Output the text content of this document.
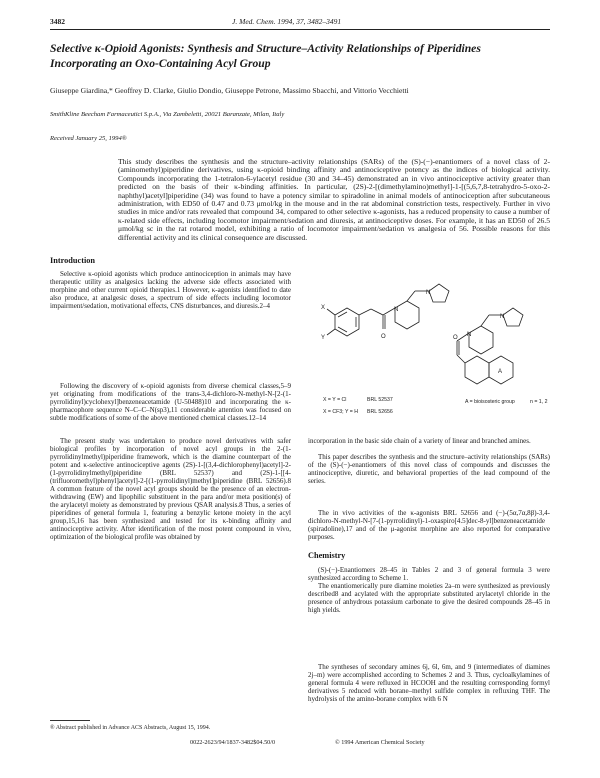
3482	J. Med. Chem. 1994, 37, 3482–3491
Selective κ-Opioid Agonists: Synthesis and Structure–Activity Relationships of Piperidines Incorporating an Oxo-Containing Acyl Group
Giuseppe Giardina,* Geoffrey D. Clarke, Giulio Dondio, Giuseppe Petrone, Massimo Sbacchi, and Vittorio Vecchietti
SmithKline Beecham Farmaceutici S.p.A., Via Zambeletti, 20021 Baranzate, Milan, Italy
Received January 25, 1994®

This study describes the synthesis and the structure–activity relationships (SARs) of the (S)-(−)-enantiomers of a novel class of 2-(aminomethyl)piperidine derivatives, using κ-opioid binding affinity and antinociceptive potency as the indices of biological activity. Compounds incorporating the 1-tetralon-6-ylacetyl residue (30 and 34–45) demonstrated an in vivo antinociceptive activity greater than predicted on the basis of their κ-binding affinities. In particular, (2S)-2-[(dimethylamino)methyl]-1-[(5,6,7,8-tetrahydro-5-oxo-2-naphthyl)acetyl]piperidine (34) was found to have a potency similar to spiradoline in animal models of antinociception after subcutaneous administration, with ED50 of 0.47 and 0.73 μmol/kg in the mouse and in the rat abdominal constriction tests, respectively. Further in vivo studies in mice and/or rats revealed that compound 34, compared to other selective κ-agonists, has a reduced propensity to cause a number of κ-related side effects, including locomotor impairment/sedation and diuresis, at antinociceptive doses. For example, it has an ED50 of 26.5 μmol/kg sc in the rat rotarod model, exhibiting a ratio of locomotor impairment/sedation vs analgesia of 56. Possible reasons for this differential activity and its clinical consequence are discussed.

Introduction

Selective κ-opioid agonists which produce antinociception in animals may have therapeutic utility as analgesics lacking the adverse side effects associated with morphine and other current opioid therapies.1 However, κ-agonists identified to date also produce, at analgesic doses, a spectrum of side effects including locomotor impairment/sedation, motivational effects, CNS disturbances, and diuresis.2–4

Following the discovery of κ-opioid agonists from diverse chemical classes,5–9 yet originating from modifications of the trans-3,4-dichloro-N-methyl-N-[2-(1-pyrrolidinyl)cyclohexyl]benzeneacetamide (U-50488)10 and incorporating the κ-pharmacophore sequence N–C–C–N(sp3),11 considerable attention was focused on subtle modifications of some of the above mentioned chemical classes.12–14

The present study was undertaken to produce novel derivatives with safer biological profiles by incorporation of novel acyl groups in the 2-(1-pyrrolidinylmethyl)piperidine framework, which is the diamine counterpart of the potent and κ-selective antinociceptive agents (2S)-1-[(3,4-dichlorophenyl)acetyl]-2-(1-pyrrolidinylmethyl)piperidine (BRL 52537) and (2S)-1-[[4-(trifluoromethyl)phenyl]acetyl]-2-[(1-pyrrolidinyl)methyl]piperidine (BRL 52656).8 A common feature of the novel acyl groups should be the presence of an electron-withdrawing (EW) and lipophilic substituent in the para and/or meta position(s) of the arylacetyl moiety as demonstrated by previous QSAR analysis.8 Thus, a series of piperidines of general formula 1, featuring a benzylic ketone moiety in the acyl group,15,16 has been synthesized and tested for its κ-binding affinity and antinociceptive activity. After identification of the most potent compound in vivo, optimization of the biological profile was obtained by

X
Y
N
N
O
A
N
N
O
X = Y = Cl	BRL 52537
X = CF3; Y = H BRL 52656
A = bioisosteric group	n = 1, 2

incorporation in the basic side chain of a variety of linear and branched amines.

This paper describes the synthesis and the structure–activity relationships (SARs) of the (S)-(−)-enantiomers of this novel class of compounds and discusses the antinociceptive, diuretic, and behavioral properties of the lead compound of the series.

The in vivo activities of the κ-agonists BRL 52656 and (−)-(5α,7α,8β)-3,4-dichloro-N-methyl-N-[7-(1-pyrrolidinyl)-1-oxaspiro[4.5]dec-8-yl]benzeneacetamide (spiradoline),17 and of the μ-agonist morphine are also reported for comparative purposes.

Chemistry

(S)-(−)-Enantiomers 28–45 in Tables 2 and 3 of general formula 3 were synthesized according to Scheme 1.

The enantiomerically pure diamine moieties 2a–m were synthesized as previously described8 and acylated with the appropriate substituted arylacetyl chloride in the presence of anhydrous potassium carbonate to give the desired compounds 28–45 in high yields.

The syntheses of secondary amines 6j, 6l, 6m, and 9 (intermediates of diamines 2j–m) were accomplished according to Schemes 2 and 3. Thus, cycloalkylamines of general formula 4 were refluxed in HCOOH and the resulting corresponding formyl derivatives 5 reduced with borane–methyl sulfide complex in refluxing THF. The hydrolysis of the amino-borane complex with 6 N

® Abstract published in Advance ACS Abstracts, August 15, 1994.
0022-2623/94/1837-3482$04.50/0	© 1994 American Chemical Society
